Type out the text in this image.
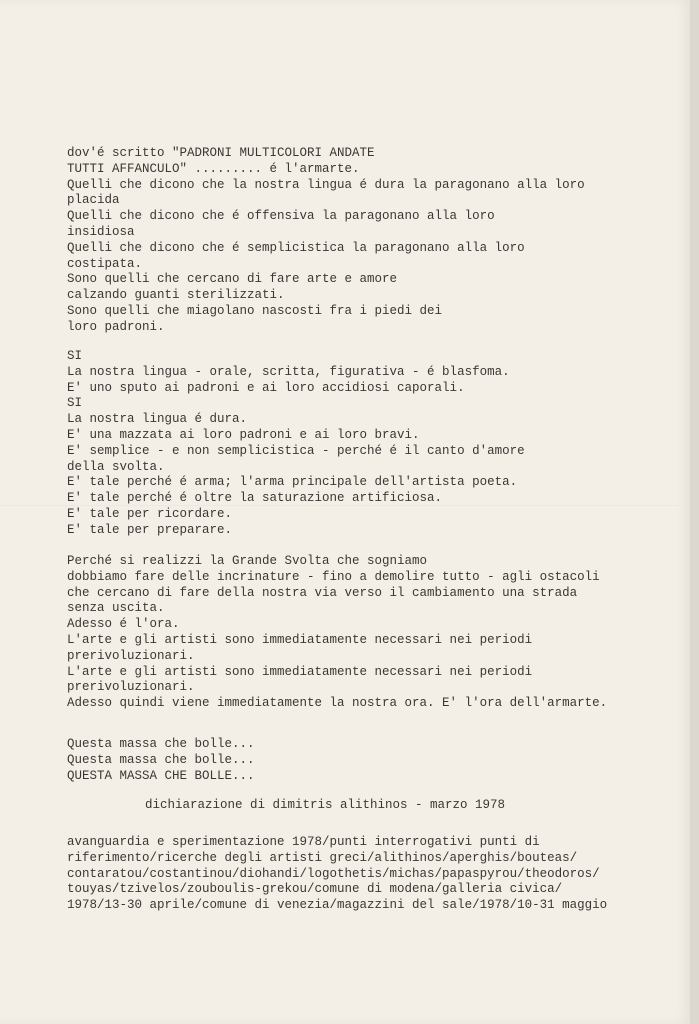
dov'é scritto "PADRONI MULTICOLORI ANDATE
TUTTI AFFANCULO" ......... é l'armarte.
Quelli che dicono che la nostra lingua é dura la paragonano alla loro
placida
Quelli che dicono che é offensiva la paragonano alla loro
insidiosa
Quelli che dicono che é semplicistica la paragonano alla loro
costipata.
Sono quelli che cercano di fare arte e amore
calzando guanti sterilizzati.
Sono quelli che miagolano nascosti fra i piedi dei
loro padroni.
SI
La nostra lingua - orale, scritta, figurativa - é blasfoma.
E' uno sputo ai padroni e ai loro accidiosi caporali.
SI
La nostra lingua é dura.
E' una mazzata ai loro padroni e ai loro bravi.
E' semplice - e non semplicistica - perché é il canto d'amore
della svolta.
E' tale perché é arma; l'arma principale dell'artista poeta.
E' tale perché é oltre la saturazione artificiosa.
E' tale per ricordare.
E' tale per preparare.
Perché si realizzi la Grande Svolta che sogniamo
dobbiamo fare delle incrinature - fino a demolire tutto - agli ostacoli
che cercano di fare della nostra via verso il cambiamento una strada
senza uscita.
Adesso é l'ora.
L'arte e gli artisti sono immediatamente necessari nei periodi
prerivoluzionari.
L'arte e gli artisti sono immediatamente necessari nei periodi
prerivoluzionari.
Adesso quindi viene immediatamente la nostra ora. E' l'ora dell'armarte.
Questa massa che bolle...
Questa massa che bolle...
QUESTA MASSA CHE BOLLE...
dichiarazione di dimitris alithinos - marzo 1978
avanguardia e sperimentazione 1978/punti interrogativi punti di
riferimento/ricerche degli artisti greci/alithinos/aperghis/bouteas/
contaratou/costantinou/diohandi/logothetis/michas/papaspyrou/theodoros/
touyas/tzivelos/zouboulis-grekou/comune di modena/galleria civica/
1978/13-30 aprile/comune di venezia/magazzini del sale/1978/10-31 maggio
